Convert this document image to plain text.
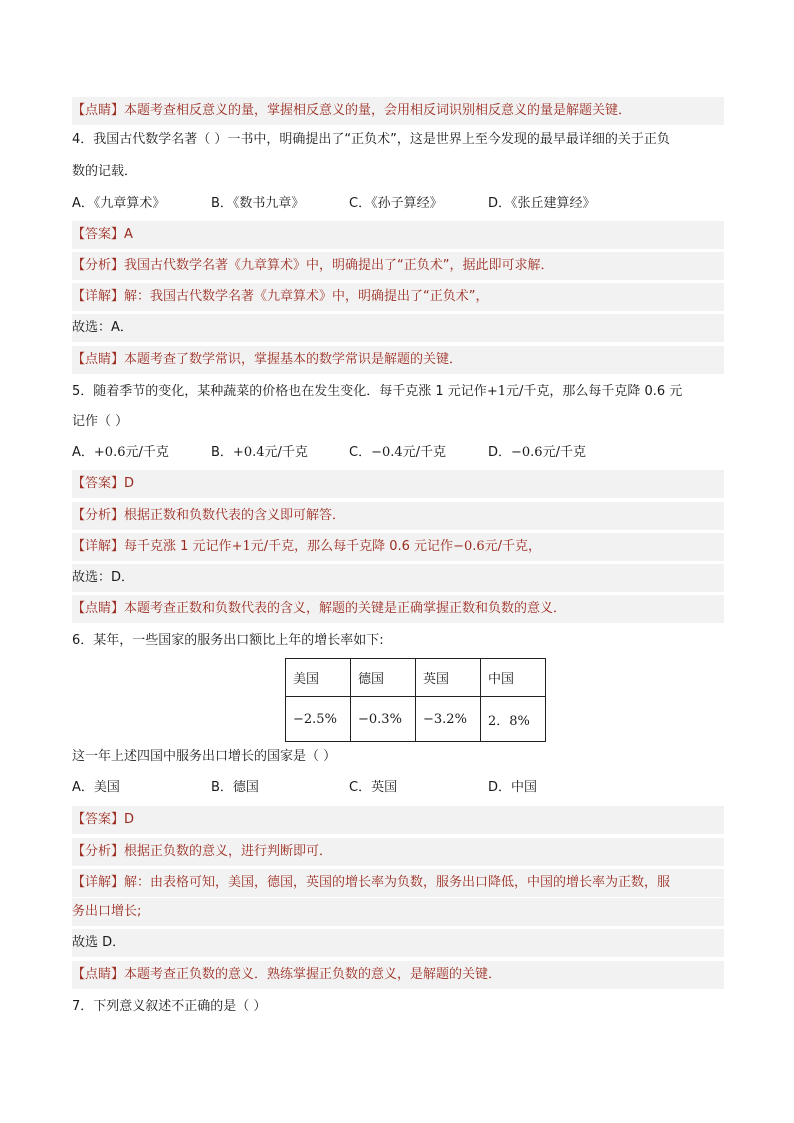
【点睛】本题考查相反意义的量，掌握相反意义的量，会用相反词识别相反意义的量是解题关键．
4．我国古代数学名著（ ）一书中，明确提出了“正负术”，这是世界上至今发现的最早最详细的关于正负
数的记载．
A．《九章算术》	B．《数书九章》	C．《孙子算经》	D．《张丘建算经》
【答案】A
【分析】我国古代数学名著《九章算术》中，明确提出了“正负术”，据此即可求解．
【详解】解：我国古代数学名著《九章算术》中，明确提出了“正负术”，
故选：A．
【点睛】本题考查了数学常识，掌握基本的数学常识是解题的关键．
5．随着季节的变化，某种蔬菜的价格也在发生变化．每千克涨 1 元记作+1元/千克，那么每千克降 0.6 元
记作（ ）
A．+0.6元/千克	B．+0.4元/千克	C．−0.4元/千克	D．−0.6元/千克
【答案】D
【分析】根据正数和负数代表的含义即可解答．
【详解】每千克涨 1 元记作+1元/千克，那么每千克降 0.6 元记作−0.6元/千克，
故选：D．
【点睛】本题考查正数和负数代表的含义，解题的关键是正确掌握正数和负数的意义．
6．某年，一些国家的服务出口额比上年的增长率如下:
美国	德国	英国	中国
−2.5%	−0.3%	−3.2%	2．8%
这一年上述四国中服务出口增长的国家是（ ）
A．美国	B．德国	C．英国	D．中国
【答案】D
【分析】根据正负数的意义，进行判断即可．
【详解】解：由表格可知，美国，德国，英国的增长率为负数，服务出口降低，中国的增长率为正数，服
务出口增长;
故选 D．
【点睛】本题考查正负数的意义．熟练掌握正负数的意义，是解题的关键．
7．下列意义叙述不正确的是（ ）
